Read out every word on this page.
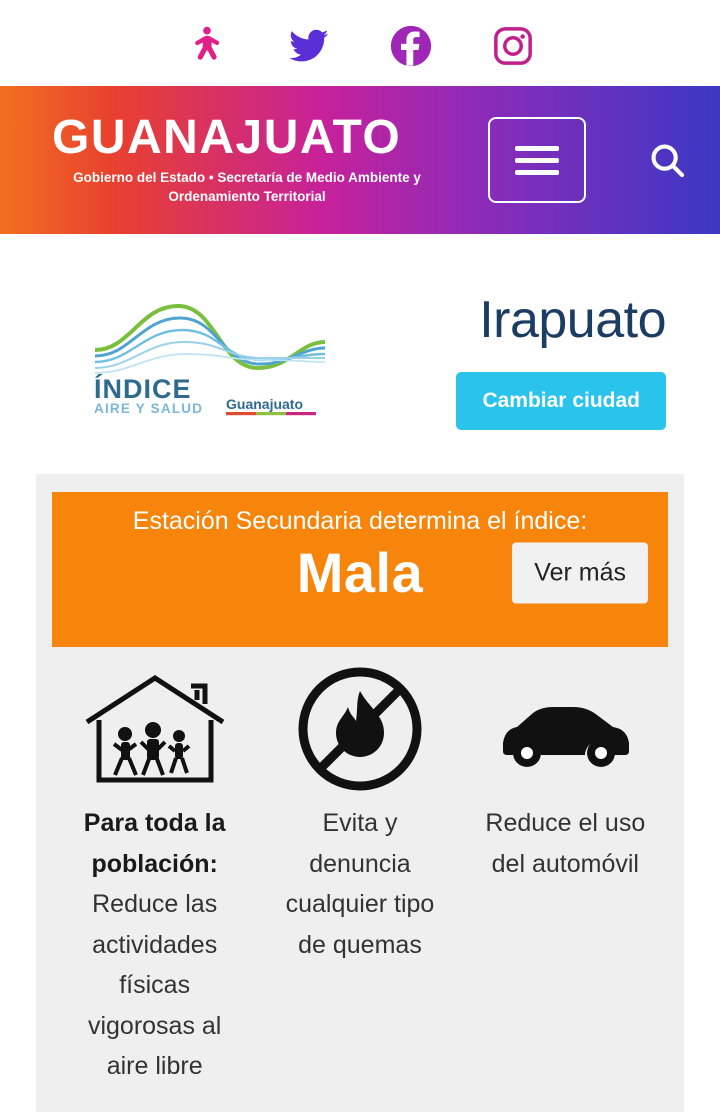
GUANAJUATO
Gobierno del Estado • Secretaría de Medio Ambiente y Ordenamiento Territorial
ÍNDICE
AIRE Y SALUD Guanajuato
Irapuato
Cambiar ciudad
Estación Secundaria determina el índice:
Mala	Ver más
Para toda la
población:
Reduce las
actividades
físicas
vigorosas al
aire libre
Evita y
denuncia
cualquier tipo
de quemas
Reduce el uso
del automóvil
